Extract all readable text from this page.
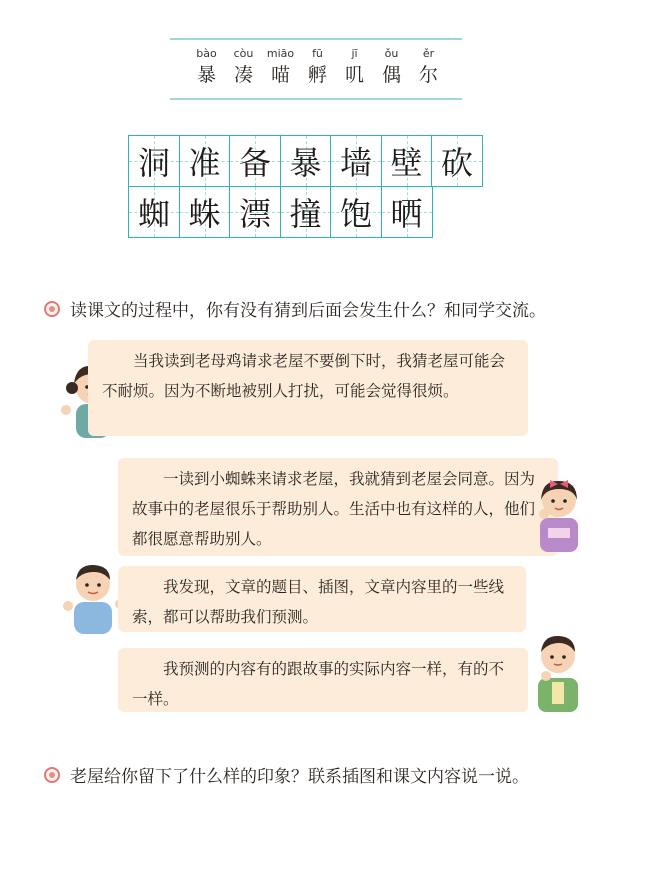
bào
暴
còu
凑
miāo
喵
fū
孵
jī
叽
ǒu
偶
ěr
尔
洞 准 备 暴 墙 壁 砍
蜘 蛛 漂 撞 饱 晒
读课文的过程中，你有没有猜到后面会发生什么？和同学交流。

当我读到老母鸡请求老屋不要倒下时，我猜老屋可能会不耐烦。因为不断地被别人打扰，可能会觉得很烦。

一读到小蜘蛛来请求老屋，我就猜到老屋会同意。因为故事中的老屋很乐于帮助别人。生活中也有这样的人，他们都很愿意帮助别人。

我发现，文章的题目、插图，文章内容里的一些线索，都可以帮助我们预测。

我预测的内容有的跟故事的实际内容一样，有的不一样。

老屋给你留下了什么样的印象？联系插图和课文内容说一说。
